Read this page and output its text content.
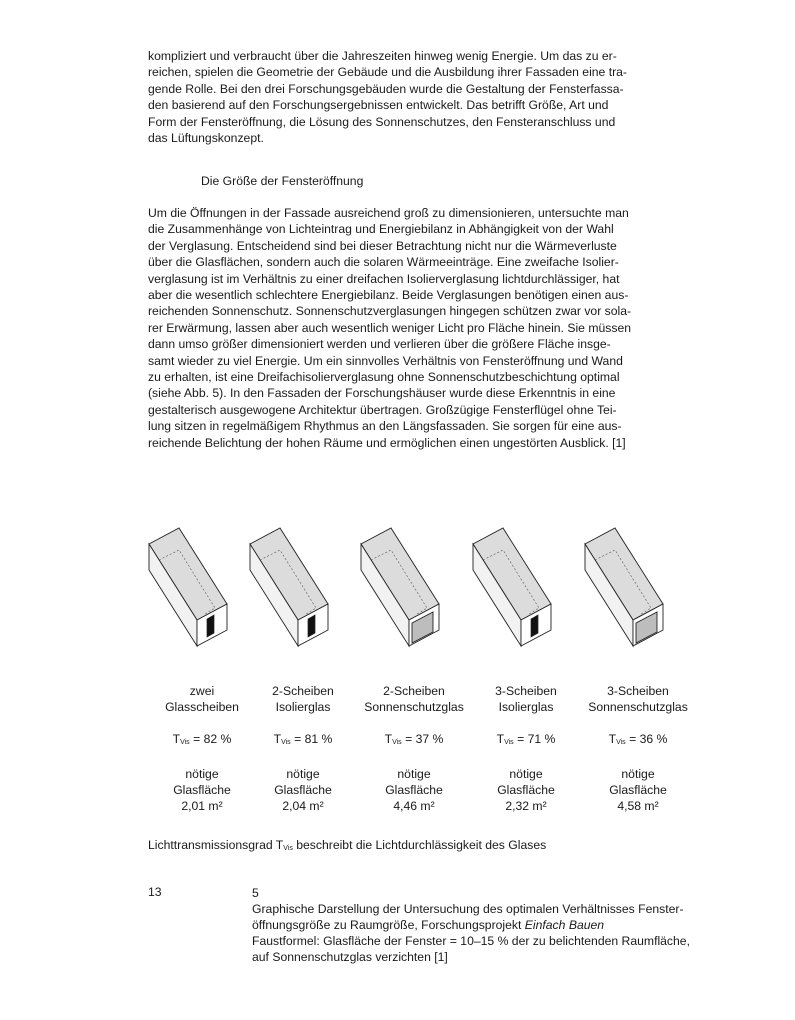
kompliziert und verbraucht über die Jahreszeiten hinweg wenig Energie. Um das zu er-
reichen, spielen die Geometrie der Gebäude und die Ausbildung ihrer Fassaden eine tra-
gende Rolle. Bei den drei Forschungsgebäuden wurde die Gestaltung der Fensterfassa-
den basierend auf den Forschungsergebnissen entwickelt. Das betrifft Größe, Art und
Form der Fensteröffnung, die Lösung des Sonnenschutzes, den Fensteranschluss und
das Lüftungskonzept.
Die Größe der Fensteröffnung
Um die Öffnungen in der Fassade ausreichend groß zu dimensionieren, untersuchte man
die Zusammenhänge von Lichteintrag und Energiebilanz in Abhängigkeit von der Wahl
der Verglasung. Entscheidend sind bei dieser Betrachtung nicht nur die Wärmeverluste
über die Glasflächen, sondern auch die solaren Wärmeeinträge. Eine zweifache Isolier-
verglasung ist im Verhältnis zu einer dreifachen Isolierverglasung lichtdurchlässiger, hat
aber die wesentlich schlechtere Energiebilanz. Beide Verglasungen benötigen einen aus-
reichenden Sonnenschutz. Sonnenschutzverglasungen hingegen schützen zwar vor sola-
rer Erwärmung, lassen aber auch wesentlich weniger Licht pro Fläche hinein. Sie müssen
dann umso größer dimensioniert werden und verlieren über die größere Fläche insge-
samt wieder zu viel Energie. Um ein sinnvolles Verhältnis von Fensteröffnung und Wand
zu erhalten, ist eine Dreifachisolierverglasung ohne Sonnenschutzbeschichtung optimal
(siehe Abb. 5). In den Fassaden der Forschungshäuser wurde diese Erkenntnis in eine
gestalterisch ausgewogene Architektur übertragen. Großzügige Fensterflügel ohne Tei-
lung sitzen in regelmäßigem Rhythmus an den Längsfassaden. Sie sorgen für eine aus-
reichende Belichtung der hohen Räume und ermöglichen einen ungestörten Ausblick. [1]
zwei
Glasscheiben
$T_{Vis} = 82$ %
nötige
Glasfläche
2,01 m²
2-Scheiben
Isolierglas
$T_{Vis} = 81$ %
nötige
Glasfläche
2,04 m²
2-Scheiben
Sonnenschutzglas
$T_{Vis} = 37$ %
nötige
Glasfläche
4,46 m²
3-Scheiben
Isolierglas
$T_{Vis} = 71$ %
nötige
Glasfläche
2,32 m²
3-Scheiben
Sonnenschutzglas
$T_{Vis} = 36$ %
nötige
Glasfläche
4,58 m²
Lichttransmissionsgrad $T_{Vis}$ beschreibt die Lichtdurchlässigkeit des Glases
13	5
Graphische Darstellung der Untersuchung des optimalen Verhältnisses Fenster-
öffnungsgröße zu Raumgröße, Forschungsprojekt Einfach Bauen
Faustformel: Glasfläche der Fenster = 10–15 % der zu belichtenden Raumfläche,
auf Sonnenschutzglas verzichten [1]
